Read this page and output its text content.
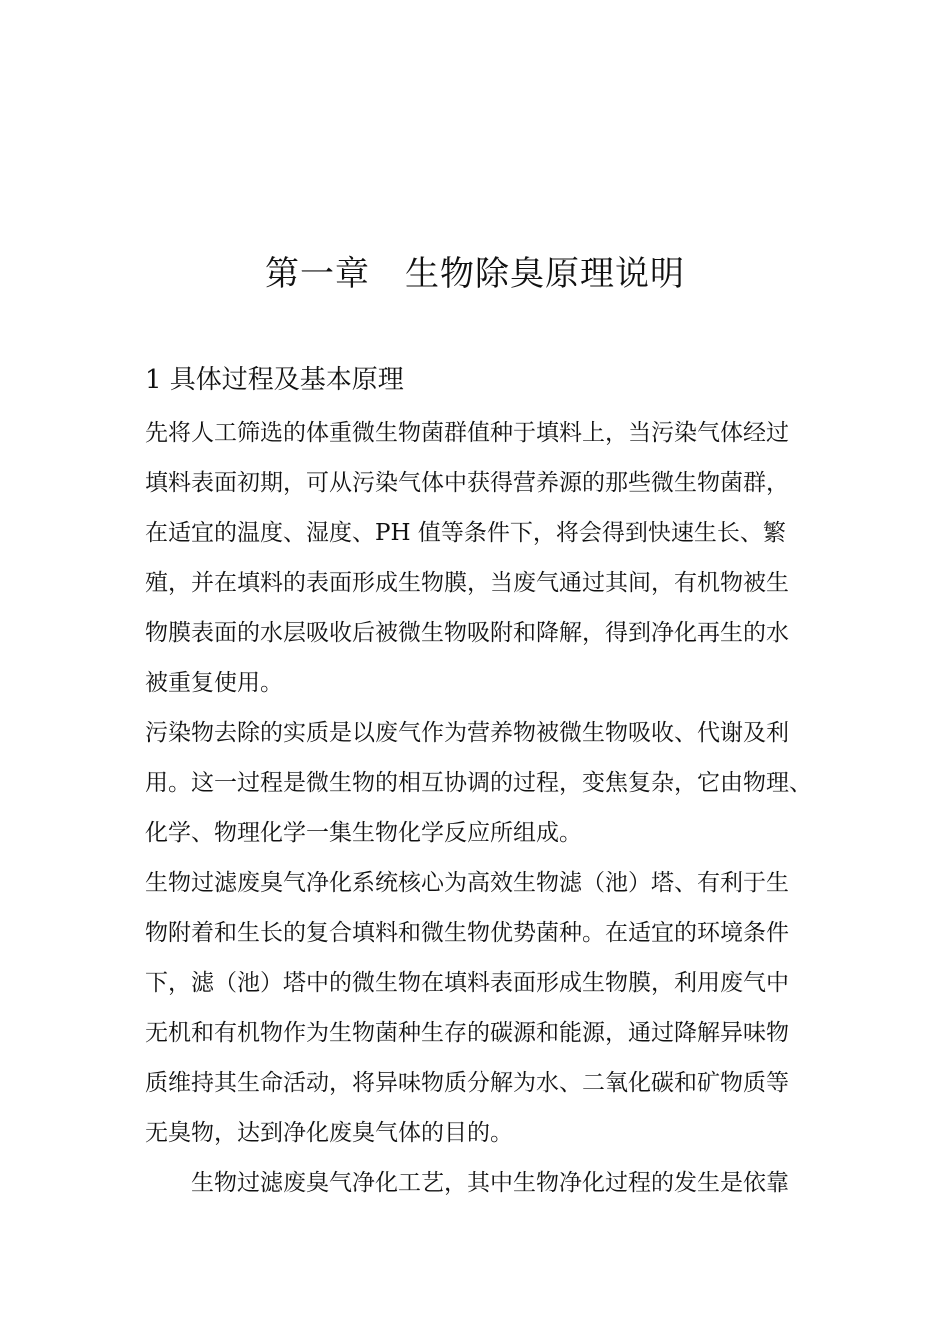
第一章　生物除臭原理说明
1 具体过程及基本原理
先将人工筛选的体重微生物菌群值种于填料上，当污染气体经过
填料表面初期，可从污染气体中获得营养源的那些微生物菌群，
在适宜的温度、湿度、PH 值等条件下，将会得到快速生长、繁
殖，并在填料的表面形成生物膜，当废气通过其间，有机物被生
物膜表面的水层吸收后被微生物吸附和降解，得到净化再生的水
被重复使用。
污染物去除的实质是以废气作为营养物被微生物吸收、代谢及利
用。这一过程是微生物的相互协调的过程，变焦复杂，它由物理、
化学、物理化学一集生物化学反应所组成。
生物过滤废臭气净化系统核心为高效生物滤（池）塔、有利于生
物附着和生长的复合填料和微生物优势菌种。在适宜的环境条件
下，滤（池）塔中的微生物在填料表面形成生物膜，利用废气中
无机和有机物作为生物菌种生存的碳源和能源，通过降解异味物
质维持其生命活动，将异味物质分解为水、二氧化碳和矿物质等
无臭物，达到净化废臭气体的目的。
生物过滤废臭气净化工艺，其中生物净化过程的发生是依靠
